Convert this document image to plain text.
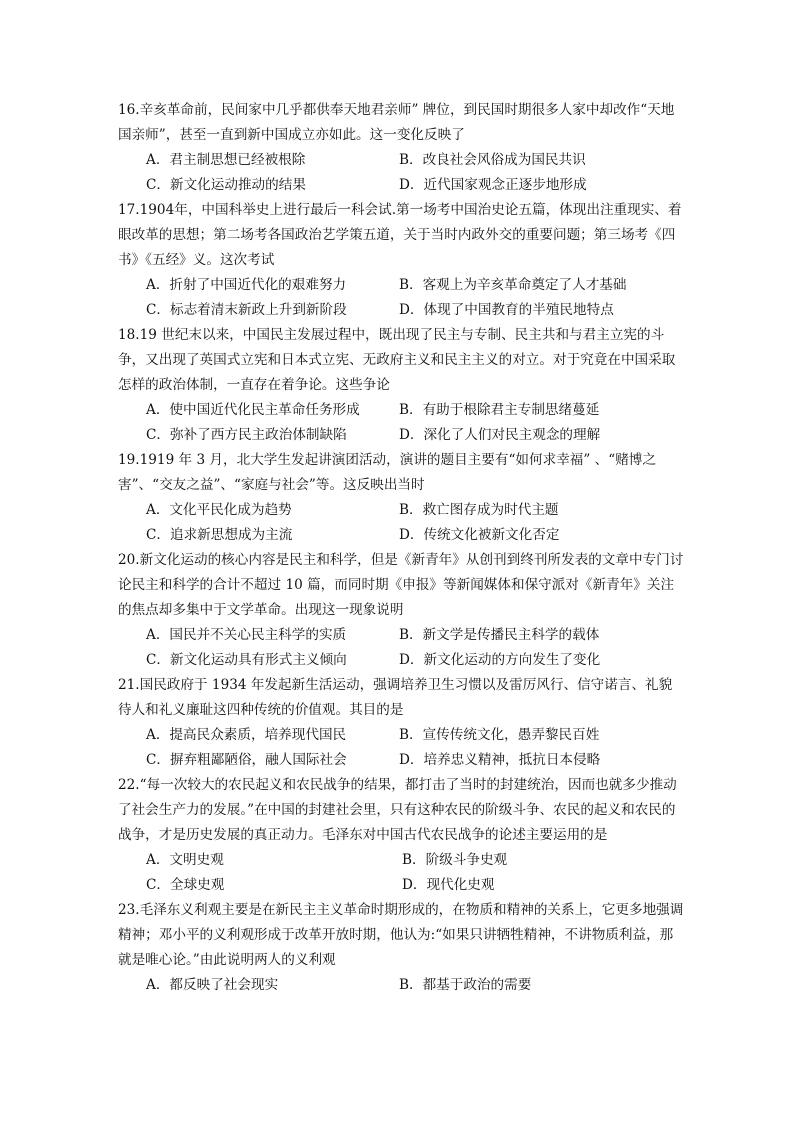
16.辛亥革命前，民间家中几乎都供奉天地君亲师” 牌位，到民国时期很多人家中却改作“天地国亲师”，甚至一直到新中国成立亦如此。这一变化反映了

A．君主制思想已经被根除	B．改良社会风俗成为国民共识
C．新文化运动推动的结果	D．近代国家观念正逐步地形成

17.1904年，中国科举史上进行最后一科会试.第一场考中国治史论五篇，体现出注重现实、着眼改革的思想；第二场考各国政治艺学策五道，关于当时内政外交的重要问题；第三场考《四书》《五经》义。这次考试

A．折射了中国近代化的艰难努力	B．客观上为辛亥革命奠定了人才基础
C．标志着清末新政上升到新阶段	D．体现了中国教育的半殖民地特点

18.19 世纪末以来，中国民主发展过程中，既出现了民主与专制、民主共和与君主立宪的斗争，又出现了英国式立宪和日本式立宪、无政府主义和民主主义的对立。对于究竟在中国采取怎样的政治体制，一直存在着争论。这些争论

A．使中国近代化民主革命任务形成	B．有助于根除君主专制思绪蔓延
C．弥补了西方民主政治体制缺陷	D．深化了人们对民主观念的理解

19.1919 年 3 月，北大学生发起讲演团活动，演讲的题目主要有“如何求幸福” 、“赌博之害”、“交友之益”、“家庭与社会”等。这反映出当时

A．文化平民化成为趋势	B．救亡图存成为时代主题
C．追求新思想成为主流	D．传统文化被新文化否定

20.新文化运动的核心内容是民主和科学，但是《新青年》从创刊到终刊所发表的文章中专门讨论民主和科学的合计不超过 10 篇，而同时期《申报》等新闻媒体和保守派对《新青年》关注的焦点却多集中于文学革命。出现这一现象说明

A．国民并不关心民主科学的实质	B．新文学是传播民主科学的载体
C．新文化运动具有形式主义倾向	D．新文化运动的方向发生了变化

21.国民政府于 1934 年发起新生活运动，强调培养卫生习惯以及雷厉风行、信守诺言、礼貌待人和礼义廉耻这四种传统的价值观。其目的是

A．提高民众素质，培养现代国民	B．宣传传统文化，愚弄黎民百姓
C．摒弃粗鄙陋俗，融人国际社会	D．培养忠义精神，抵抗日本侵略

22.“每一次较大的农民起义和农民战争的结果，都打击了当时的封建统治，因而也就多少推动了社会生产力的发展。”在中国的封建社会里，只有这种农民的阶级斗争、农民的起义和农民的战争，才是历史发展的真正动力。毛泽东对中国古代农民战争的论述主要运用的是

A．文明史观	B．阶级斗争史观
C．全球史观	D．现代化史观

23.毛泽东义利观主要是在新民主主义革命时期形成的，在物质和精神的关系上，它更多地强调精神；邓小平的义利观形成于改革开放时期，他认为:“如果只讲牺牲精神，不讲物质利益，那就是唯心论。”由此说明两人的义利观

A．都反映了社会现实	B．都基于政治的需要
